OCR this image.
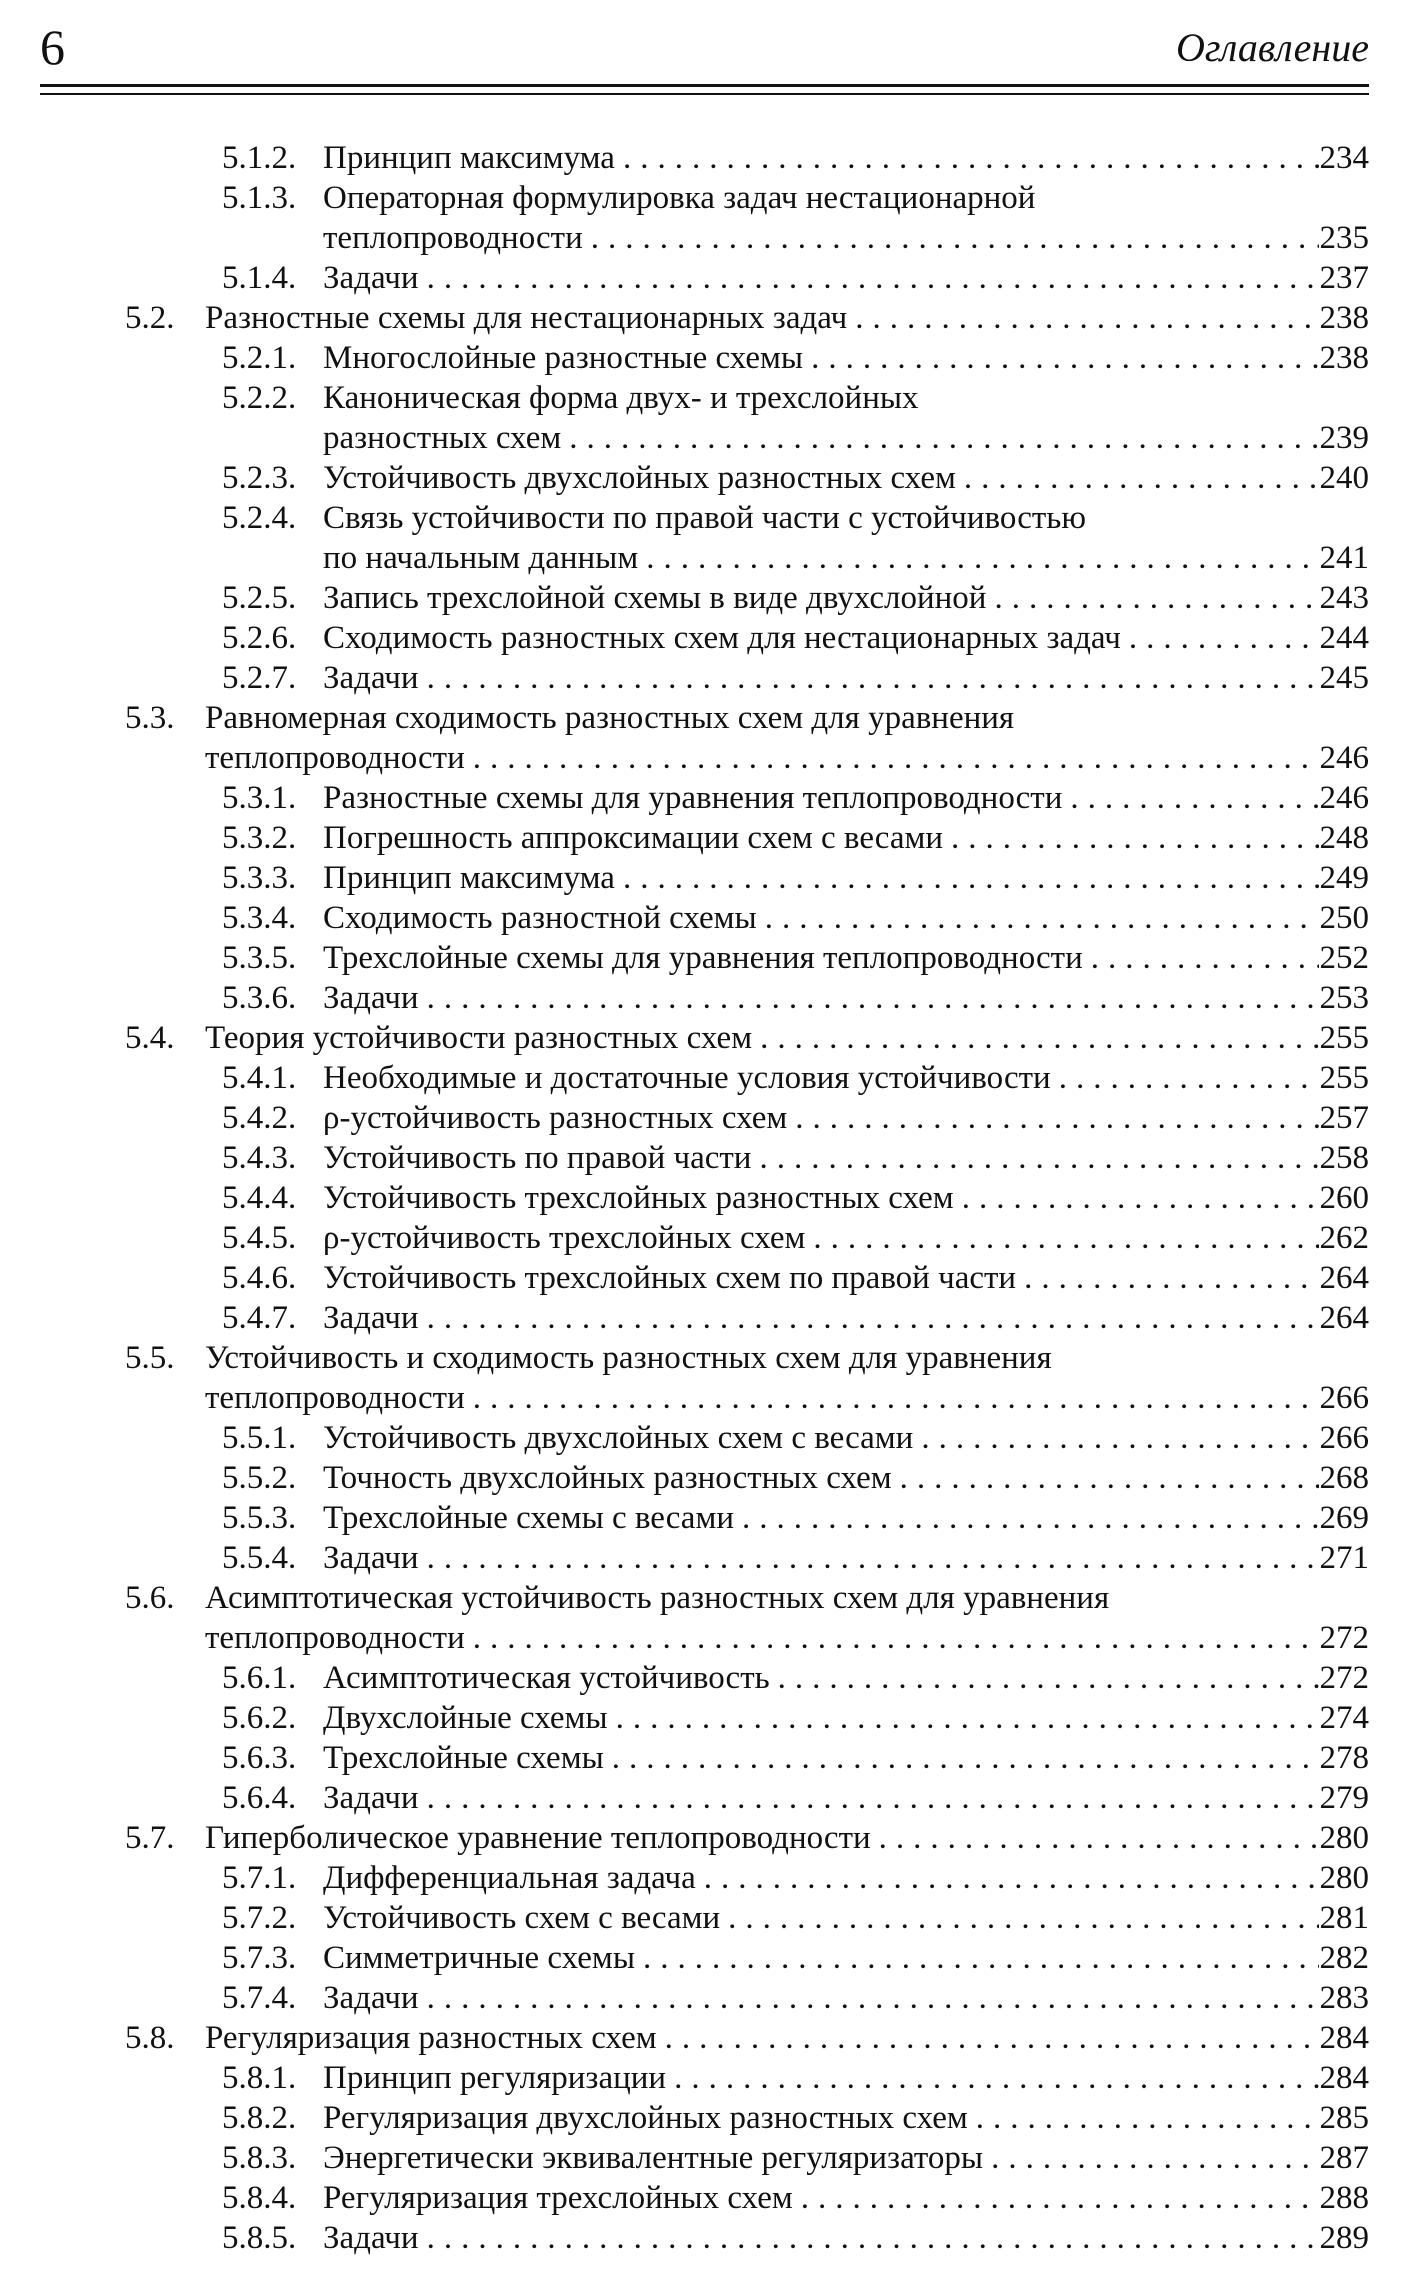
6	Оглавление
5.1.2. Принцип максимума .....	234
5.1.3. Операторная формулировка задач нестационарной
теплопроводности .....	235
5.1.4. Задачи .....	237
5.2. Разностные схемы для нестационарных задач .....	238
5.2.1. Многослойные разностные схемы .....	238
5.2.2. Каноническая форма двух- и трехслойных
разностных схем .....	239
5.2.3. Устойчивость двухслойных разностных схем .....	240
5.2.4. Связь устойчивости по правой части с устойчивостью
по начальным данным .....	241
5.2.5. Запись трехслойной схемы в виде двухслойной .....	243
5.2.6. Сходимость разностных схем для нестационарных задач .....	244
5.2.7. Задачи .....	245
5.3. Равномерная сходимость разностных схем для уравнения
теплопроводности .....	246
5.3.1. Разностные схемы для уравнения теплопроводности .....	246
5.3.2. Погрешность аппроксимации схем с весами .....	248
5.3.3. Принцип максимума .....	249
5.3.4. Сходимость разностной схемы .....	250
5.3.5. Трехслойные схемы для уравнения теплопроводности .....	252
5.3.6. Задачи .....	253
5.4. Теория устойчивости разностных схем .....	255
5.4.1. Необходимые и достаточные условия устойчивости .....	255
5.4.2. ρ-устойчивость разностных схем .....	257
5.4.3. Устойчивость по правой части .....	258
5.4.4. Устойчивость трехслойных разностных схем .....	260
5.4.5. ρ-устойчивость трехслойных схем .....	262
5.4.6. Устойчивость трехслойных схем по правой части .....	264
5.4.7. Задачи .....	264
5.5. Устойчивость и сходимость разностных схем для уравнения
теплопроводности .....	266
5.5.1. Устойчивость двухслойных схем с весами .....	266
5.5.2. Точность двухслойных разностных схем .....	268
5.5.3. Трехслойные схемы с весами .....	269
5.5.4. Задачи .....	271
5.6. Асимптотическая устойчивость разностных схем для уравнения
теплопроводности .....	272
5.6.1. Асимптотическая устойчивость .....	272
5.6.2. Двухслойные схемы .....	274
5.6.3. Трехслойные схемы .....	278
5.6.4. Задачи .....	279
5.7. Гиперболическое уравнение теплопроводности .....	280
5.7.1. Дифференциальная задача .....	280
5.7.2. Устойчивость схем с весами .....	281
5.7.3. Симметричные схемы .....	282
5.7.4. Задачи .....	283
5.8. Регуляризация разностных схем .....	284
5.8.1. Принцип регуляризации .....	284
5.8.2. Регуляризация двухслойных разностных схем .....	285
5.8.3. Энергетически эквивалентные регуляризаторы .....	287
5.8.4. Регуляризация трехслойных схем .....	288
5.8.5. Задачи .....	289
